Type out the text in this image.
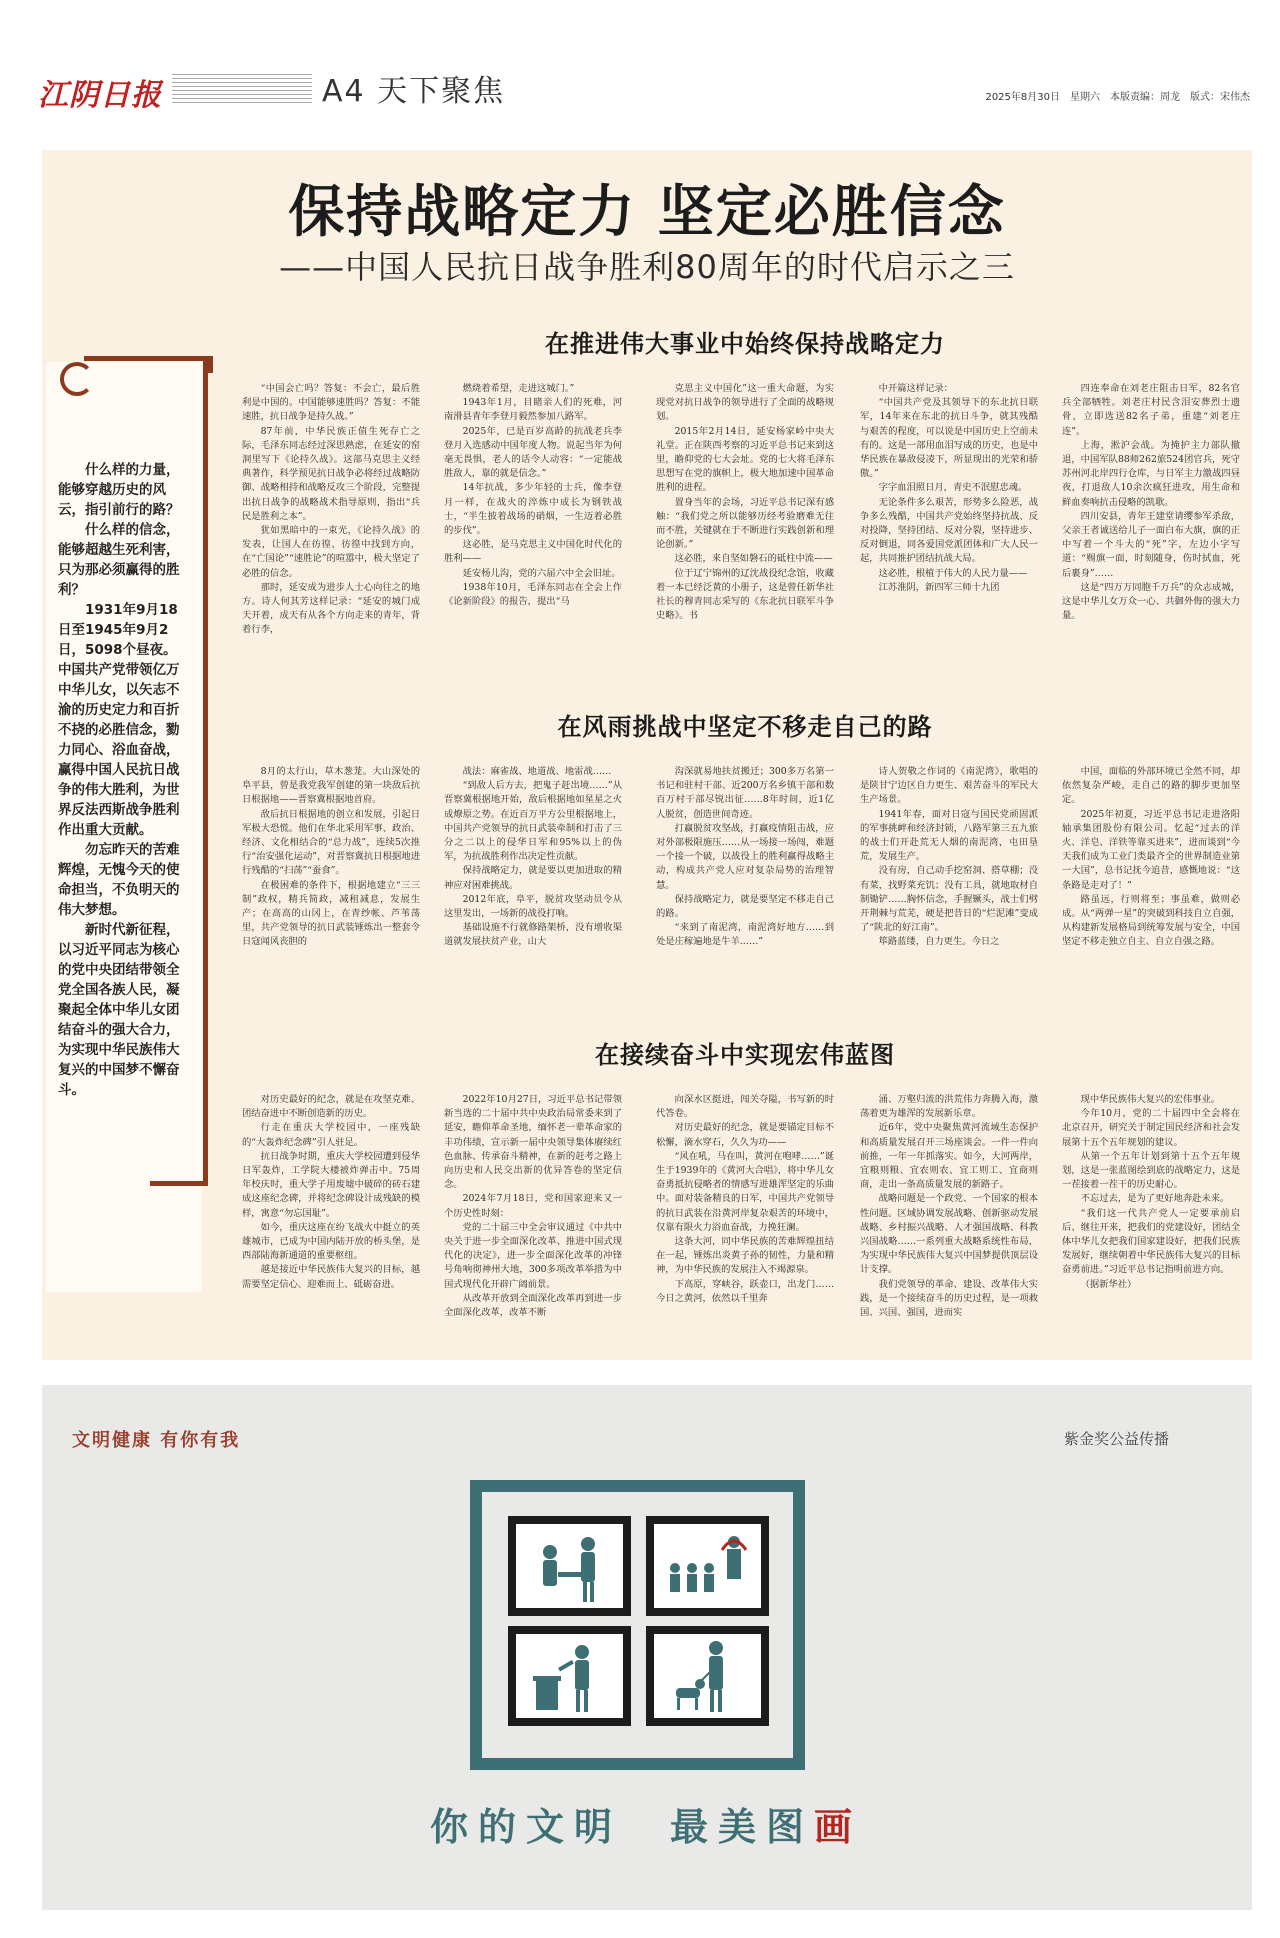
江阴日报	A4 天下聚焦	2025年8月30日　星期六　本版责编：周龙　版式：宋伟杰
保持战略定力 坚定必胜信念
——中国人民抗日战争胜利80周年的时代启示之三

什么样的力量，能够穿越历史的风云，指引前行的路？

什么样的信念，能够超越生死利害，只为那必须赢得的胜利？

1931年9月18日至1945年9月2日，5098个昼夜。中国共产党带领亿万中华儿女，以矢志不渝的历史定力和百折不挠的必胜信念，勠力同心、浴血奋战，赢得中国人民抗日战争的伟大胜利，为世界反法西斯战争胜利作出重大贡献。

勿忘昨天的苦难辉煌，无愧今天的使命担当，不负明天的伟大梦想。

新时代新征程，以习近平同志为核心的党中央团结带领全党全国各族人民，凝聚起全体中华儿女团结奋斗的强大合力，为实现中华民族伟大复兴的中国梦不懈奋斗。

在推进伟大事业中始终保持战略定力
在风雨挑战中坚定不移走自己的路
在接续奋斗中实现宏伟蓝图

“中国会亡吗？答复：不会亡，最后胜利是中国的。中国能够速胜吗？答复：不能速胜，抗日战争是持久战。”

87年前，中华民族正值生死存亡之际，毛泽东同志经过深思熟虑，在延安的窑洞里写下《论持久战》。这部马克思主义经典著作，科学预见抗日战争必将经过战略防御、战略相持和战略反攻三个阶段，完整提出抗日战争的战略战术指导原则，指出“兵民是胜利之本”。

犹如黑暗中的一束光，《论持久战》的发表，让国人在彷徨、彷徨中找到方向，在“亡国论”“速胜论”的喧嚣中，极大坚定了必胜的信念。

那时，延安成为进步人士心向往之的地方。诗人何其芳这样记录：“延安的城门成天开着，成天有从各个方向走来的青年，背着行李，

燃烧着希望，走进这城门。”

1943年1月，目睹亲人们的死难，河南滑县青年李登月毅然参加八路军。

2025年，已是百岁高龄的抗战老兵李登月入选感动中国年度人物。说起当年为何毫无畏惧，老人的话令人动容：“一定能战胜敌人，靠的就是信念。”

14年抗战，多少年轻的士兵，像李登月一样，在战火的淬炼中成长为钢铁战士，“半生披着战场的硝烟，一生迈着必胜的步伐”。

这必胜，是马克思主义中国化时代化的胜利——

延安杨儿沟，党的六届六中全会旧址。

1938年10月，毛泽东同志在全会上作《论新阶段》的报告，提出“马

克思主义中国化”这一重大命题，为实现党对抗日战争的领导进行了全面的战略规划。

2015年2月14日，延安杨家岭中央大礼堂。正在陕西考察的习近平总书记来到这里，瞻仰党的七大会址。党的七大将毛泽东思想写在党的旗帜上，极大地加速中国革命胜利的进程。

置身当年的会场，习近平总书记深有感触：“我们党之所以能够历经考验磨难无往而不胜，关键就在于不断进行实践创新和理论创新。”

这必胜，来自坚如磐石的砥柱中流——

位于辽宁锦州的辽沈战役纪念馆，收藏着一本已经泛黄的小册子，这是曾任新华社社长的穆青同志采写的《东北抗日联军斗争史略》。书

中开篇这样记录：

“中国共产党及其领导下的东北抗日联军，14年来在东北的抗日斗争，就其残酷与艰苦的程度，可以说是中国历史上空前未有的。这是一部用血泪写成的历史，也是中华民族在暴敌侵凌下，所显现出的光荣和骄傲。”

字字血泪照日月，青史不泯慰忠魂。

无论条件多么艰苦，形势多么险恶，战争多么残酷，中国共产党始终坚持抗战、反对投降，坚持团结、反对分裂，坚持进步、反对倒退，同各爱国党派团体和广大人民一起，共同推护团结抗战大局。

这必胜，根植于伟大的人民力量——

江苏淮阴，新四军三师十九团

四连奉命在刘老庄阻击日军，82名官兵全部牺牲。刘老庄村民含泪安葬烈士遗骨，立即选送82名子弟，重建“刘老庄连”。

上海，淞沪会战。为掩护主力部队撤退，中国军队88师262旅524团官兵，死守苏州河北岸四行仓库，与日军主力激战四昼夜，打退敌人10余次疯狂进攻，用生命和鲜血奏响抗击侵略的凯歌。

四川安县，青年王建堂请缨参军杀敌，父亲王者诚送给儿子一面白布大旗，旗的正中写着一个斗大的“死”字，左边小字写道：“赐旗一面，时刻随身，伤时拭血，死后裹身”……

这是“四万万同胞千万兵”的众志成城，这是中华儿女万众一心、共御外侮的强大力量。

8月的太行山，草木葱茏。大山深处的阜平县，曾是我党我军创建的第一块敌后抗日根据地——晋察冀根据地首府。

敌后抗日根据地的创立和发展，引起日军极大恐慌。他们在华北采用军事、政治、经济、文化相结合的“总力战”，连续5次推行“治安强化运动”，对晋察冀抗日根据地进行残酷的“扫荡”“蚕食”。

在极困难的条件下，根据地建立“三三制”政权，精兵简政，减租减息，发展生产；在高高的山冈上，在青纱帐、芦苇荡里，共产党领导的抗日武装锤炼出一整套令日寇闻风丧胆的

战法：麻雀战、地道战、地雷战……

“到敌人后方去，把鬼子赶出境……”从晋察冀根据地开始，敌后根据地如星星之火成燎原之势。在近百万平方公里根据地上，中国共产党领导的抗日武装牵制和打击了三分之二以上的侵华日军和95%以上的伪军，为抗战胜利作出决定性贡献。

保持战略定力，就是要以更加进取的精神应对困难挑战。

2012年底，阜平，脱贫攻坚动员令从这里发出，一场新的战役打响。

基础设施不行就修路架桥，没有增收渠道就发展扶贫产业，山大

沟深就易地扶贫搬迁；300多万名第一书记和驻村干部、近200万名乡镇干部和数百万村干部尽锐出征……8年时间，近1亿人脱贫，创造世间奇迹。

打赢脱贫攻坚战，打赢疫情阻击战，应对外部极限施压……从一场接一场闯，难题一个接一个破，以战役上的胜利赢得战略主动，构成共产党人应对复杂局势的治理智慧。

保持战略定力，就是要坚定不移走自己的路。

“来到了南泥湾，南泥湾好地方……到处是庄稼遍地是牛羊……”

诗人贺敬之作词的《南泥湾》，歌唱的是陕甘宁边区自力更生、艰苦奋斗的军民大生产场景。

1941年春，面对日寇与国民党顽固派的军事挑衅和经济封锁，八路军第三五九旅的战士们开赴荒无人烟的南泥湾，屯田垦荒，发展生产。

没有房，自己动手挖窑洞、搭草棚；没有菜，找野菜充饥；没有工具，就地取材自制锄铲……胸怀信念，手握镢头，战士们劈开荆棘与荒芜，硬是把昔日的“烂泥滩”变成了“陕北的好江南”。

筚路蓝缕，自力更生。今日之

中国，面临的外部环境已全然不同，却依然复杂严峻，走自己的路的脚步更加坚定。

2025年初夏，习近平总书记走进洛阳轴承集团股份有限公司。忆起“过去的洋火、洋皂、洋铁等靠买进来”，进而谈到“今天我们成为工业门类最齐全的世界制造业第一大国”，总书记抚今追昔，感慨地说：“这条路是走对了！”

路虽远，行则将至；事虽难，做则必成。从“两弹一星”的突破到科技自立自强，从构建新发展格局到统筹发展与安全，中国坚定不移走独立自主、自立自强之路。

对历史最好的纪念，就是在攻坚克难、团结奋进中不断创造新的历史。

行走在重庆大学校园中，一座残缺的“大轰炸纪念碑”引人驻足。

抗日战争时期，重庆大学校园遭到侵华日军轰炸，工学院大楼被炸弹击中。75周年校庆时，重大学子用废墟中破碎的砖石建成这座纪念碑，并将纪念碑设计成残缺的模样，寓意“勿忘国耻”。

如今，重庆这座在纷飞战火中挺立的英雄城市，已成为中国内陆开放的桥头堡，是西部陆海新通道的重要枢纽。

越是接近中华民族伟大复兴的目标，越需要坚定信心、迎难而上、砥砺奋进。

2022年10月27日，习近平总书记带领新当选的二十届中共中央政治局常委来到了延安，瞻仰革命圣地，缅怀老一辈革命家的丰功伟绩，宣示新一届中央领导集体赓续红色血脉、传承奋斗精神，在新的赶考之路上向历史和人民交出新的优异答卷的坚定信念。

2024年7月18日，党和国家迎来又一个历史性时刻：

党的二十届三中全会审议通过《中共中央关于进一步全面深化改革、推进中国式现代化的决定》，进一步全面深化改革的冲锋号角响彻神州大地，300多项改革举措为中国式现代化开辟广阔前景。

从改革开放到全面深化改革再到进一步全面深化改革，改革不断

向深水区挺进，闯关夺隘，书写新的时代答卷。

对历史最好的纪念，就是要锚定目标不松懈，滴水穿石，久久为功——

“风在吼，马在叫，黄河在咆哮……”诞生于1939年的《黄河大合唱》，将中华儿女奋勇抵抗侵略者的情感写进雄浑坚定的乐曲中。面对装备精良的日军，中国共产党领导的抗日武装在沿黄河岸复杂艰苦的环境中，仅靠有限火力浴血奋战，力挽狂澜。

这条大河，同中华民族的苦难辉煌扭结在一起，锤炼出炎黄子孙的韧性，力量和精神，为中华民族的发展注入不竭源泉。

下高原，穿峡谷，跃壶口，出龙门……今日之黄河，依然以千里奔

涌、万壑归流的洪荒伟力奔腾入海，激荡着更为雄浑的发展新乐章。

近6年，党中央聚焦黄河流域生态保护和高质量发展召开三场座谈会。一件一件向前推，一年一年抓落实。如今，大河两岸，宜粮则粮、宜农则农、宜工则工、宜商则商，走出一条高质量发展的新路子。

战略问题是一个政党、一个国家的根本性问题。区域协调发展战略、创新驱动发展战略、乡村振兴战略、人才强国战略、科教兴国战略……一系列重大战略系统性布局，为实现中华民族伟大复兴中国梦提供顶层设计支撑。

我们党领导的革命、建设、改革伟大实践，是一个接续奋斗的历史过程，是一项救国、兴国、强国，进而实

现中华民族伟大复兴的宏伟事业。

今年10月，党的二十届四中全会将在北京召开，研究关于制定国民经济和社会发展第十五个五年规划的建议。

从第一个五年计划到第十五个五年规划，这是一张蓝图绘到底的战略定力，这是一茬接着一茬干的历史耐心。

不忘过去，是为了更好地奔赴未来。

“我们这一代共产党人一定要承前启后、继往开来，把我们的党建设好，团结全体中华儿女把我们国家建设好，把我们民族发展好，继续朝着中华民族伟大复兴的目标奋勇前进。”习近平总书记指明前进方向。

（据新华社）

文明健康 有你有我	紫金奖公益传播
你的文明　最美图画
